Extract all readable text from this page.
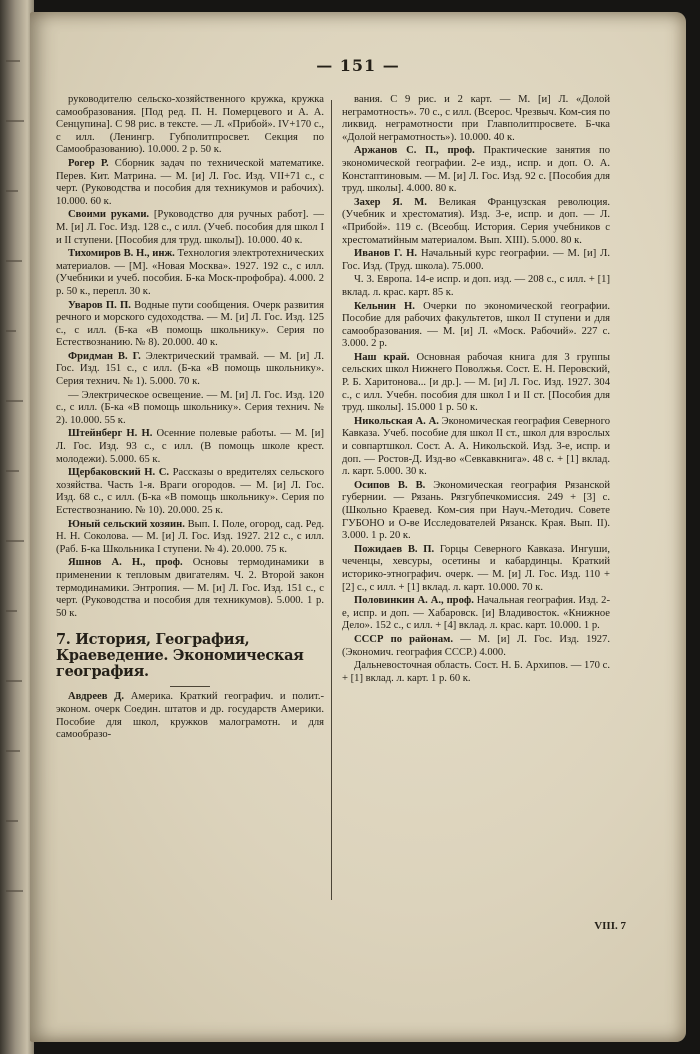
— 151 —

руководителю сельско-хозяйственного кружка, кружка самообразования. [Под ред. П. Н. Померцевого и А. А. Сенцупина]. С 98 рис. в тексте. — Л. «Прибой». IV+170 с., с илл. (Ленингр. Губполитпросвет. Секция по Самообразованию). 10.000. 2 р. 50 к.

Рогер Р. Сборник задач по технической математике. Перев. Кит. Матрина. — М. [и] Л. Гос. Изд. VII+71 с., с черт. (Руководства и пособия для техникумов и рабочих). 10.000. 60 к.

Своими руками. [Руководство для ручных работ]. — М. [и] Л. Гос. Изд. 128 с., с илл. (Учеб. пособия для школ I и II ступени. [Пособия для труд. школы]). 10.000. 40 к.

Тихомиров В. Н., инж. Технология электротехнических материалов. — [М]. «Новая Москва». 1927. 192 с., с илл. (Учебники и учеб. пособия. Б-ка Моск-профобра). 4.000. 2 р. 50 к., перепл. 30 к.

Уваров П. П. Водные пути сообщения. Очерк развития речного и морского судоходства. — М. [и] Л. Гос. Изд. 125 с., с илл. (Б-ка «В помощь школьнику». Серия по Естествознанию. № 8). 20.000. 40 к.

Фридман В. Г. Электрический трамвай. — М. [и] Л. Гос. Изд. 151 с., с илл. (Б-ка «В помощь школьнику». Серия технич. № 1). 5.000. 70 к.

— Электрическое освещение. — М. [и] Л. Гос. Изд. 120 с., с илл. (Б-ка «В помощь школьнику». Серия технич. № 2). 10.000. 55 к.

Штейнберг Н. Н. Осенние полевые работы. — М. [и] Л. Гос. Изд. 93 с., с илл. (В помощь школе крест. молодежи). 5.000. 65 к.

Щербаковский Н. С. Рассказы о вредителях сельского хозяйства. Часть 1-я. Враги огородов. — М. [и] Л. Гос. Изд. 68 с., с илл. (Б-ка «В помощь школьнику». Серия по Естествознанию. № 10). 20.000. 25 к.

Юный сельский хозяин. Вып. I. Поле, огород, сад. Ред. Н. Н. Соколова. — М. [и] Л. Гос. Изд. 1927. 212 с., с илл. (Раб. Б-ка Школьника I ступени. № 4). 20.000. 75 к.

Яшнов А. Н., проф. Основы термодинамики в применении к тепловым двигателям. Ч. 2. Второй закон термодинамики. Энтропия. — М. [и] Л. Гос. Изд. 151 с., с черт. (Руководства и пособия для техникумов). 5.000. 1 р. 50 к.

7. История, География, Краеведение. Экономическая география.

Авдреев Д. Америка. Краткий географич. и полит.-эконом. очерк Соедин. штатов и др. государств Америки. Пособие для школ, кружков малограмотн. и для самообразо-

вания. С 9 рис. и 2 карт. — М. [и] Л. «Долой неграмотность». 70 с., с илл. (Всерос. Чрезвыч. Ком-сия по ликвид. неграмотности при Главполитпросвете. Б-чка «Долой неграмотность»). 10.000. 40 к.

Аржанов С. П., проф. Практические занятия по экономической географии. 2-е изд., испр. и доп. О. А. Констаптиновым. — М. [и] Л. Гос. Изд. 92 с. [Пособия для труд. школы]. 4.000. 80 к.

Захер Я. М. Великая Французская революция. (Учебник и хрестоматия). Изд. 3-е, испр. и доп. — Л. «Прибой». 119 с. (Всеобщ. История. Серия учебников с хрестоматийным материалом. Вып. XIII). 5.000. 80 к.

Иванов Г. Н. Начальный курс географии. — М. [и] Л. Гос. Изд. (Труд. школа). 75.000.

Ч. 3. Европа. 14-е испр. и доп. изд. — 208 с., с илл. + [1] вклад. л. крас. карт. 85 к.

Кельнин Н. Очерки по экономической географии. Пособие для рабочих факультетов, школ II ступени и для самообразования. — М. [и] Л. «Моск. Рабочий». 227 с. 3.000. 2 р.

Наш край. Основная рабочая книга для 3 группы сельских школ Нижнего Поволжья. Сост. Е. Н. Перовский, Р. Б. Харитонова... [и др.]. — М. [и] Л. Гос. Изд. 1927. 304 с., с илл. Учебн. пособия для школ I и II ст. [Пособия для труд. школы]. 15.000 1 р. 50 к.

Никольская А. А. Экономическая география Северного Кавказа. Учеб. пособие для школ II ст., школ для взрослых и совпартшкол. Сост. А. А. Никольской. Изд. 3-е, испр. и доп. — Ростов-Д. Изд-во «Севкавкнига». 48 с. + [1] вклад. л. карт. 5.000. 30 к.

Осипов В. В. Экономическая география Рязанской губернии. — Рязань. Рязгубпечкомиссия. 249 + [3] с. (Школьно Краевед. Ком-сия при Науч.-Методич. Совете ГУБОНО и О-ве Исследователей Рязанск. Края. Вып. II). 3.000. 1 р. 20 к.

Пожидаев В. П. Горцы Северного Кавказа. Ингуши, чеченцы, хевсуры, осетины и кабардинцы. Краткий историко-этнографич. очерк. — М. [и] Л. Гос. Изд. 110 + [2] с., с илл. + [1] вклад. л. карт. 10.000. 70 к.

Половинкин А. А., проф. Начальная география. Изд. 2-е, испр. и доп. — Хабаровск. [и] Владивосток. «Книжное Дело». 152 с., с илл. + [4] вклад. л. крас. карт. 10.000. 1 р.

СССР по районам. — М. [и] Л. Гос. Изд. 1927. (Экономич. география СССР.) 4.000.

Дальневосточная область. Сост. Н. Б. Архипов. — 170 с. + [1] вклад. л. карт. 1 р. 60 к.

VIII. 7
